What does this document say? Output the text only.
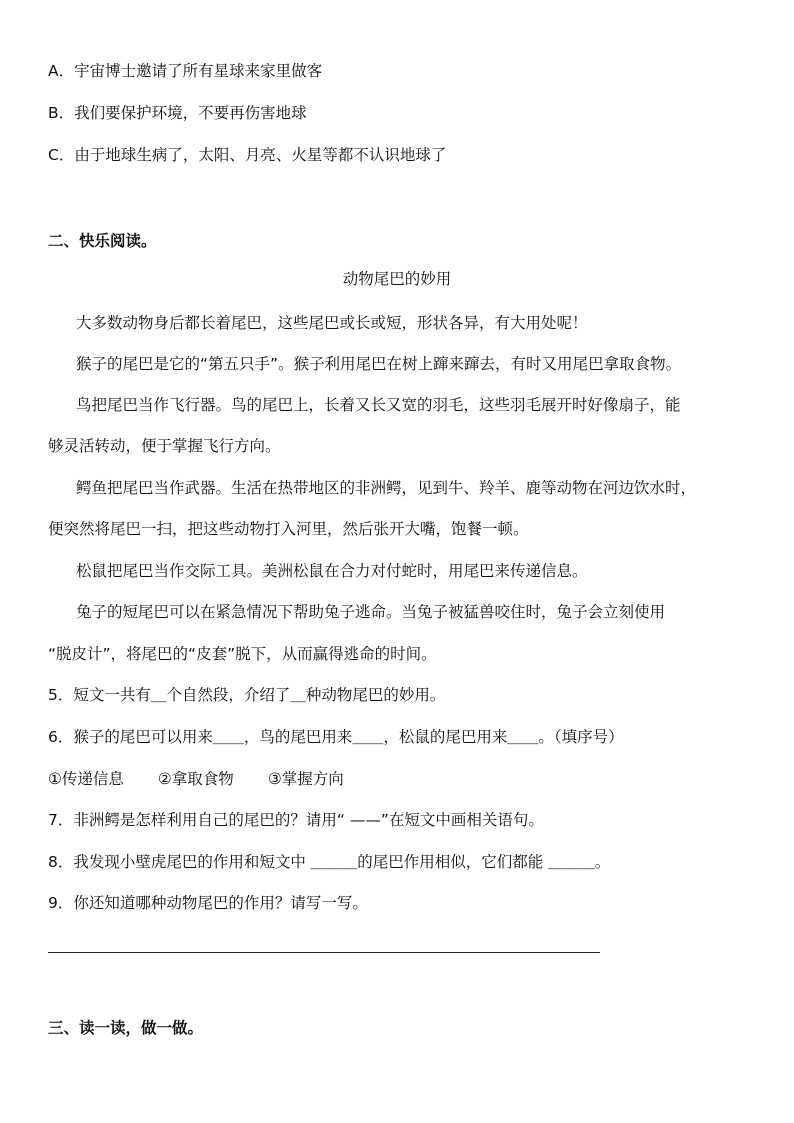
A．宇宙博士邀请了所有星球来家里做客
B．我们要保护环境，不要再伤害地球
C．由于地球生病了，太阳、月亮、火星等都不认识地球了
二、快乐阅读。
动物尾巴的妙用
大多数动物身后都长着尾巴，这些尾巴或长或短，形状各异，有大用处呢！
猴子的尾巴是它的“第五只手”。猴子利用尾巴在树上蹿来蹿去，有时又用尾巴拿取食物。
鸟把尾巴当作飞行器。鸟的尾巴上，长着又长又宽的羽毛，这些羽毛展开时好像扇子，能
够灵活转动，便于掌握飞行方向。
鳄鱼把尾巴当作武器。生活在热带地区的非洲鳄，见到牛、羚羊、鹿等动物在河边饮水时，
便突然将尾巴一扫，把这些动物打入河里，然后张开大嘴，饱餐一顿。
松鼠把尾巴当作交际工具。美洲松鼠在合力对付蛇时，用尾巴来传递信息。
兔子的短尾巴可以在紧急情况下帮助兔子逃命。当兔子被猛兽咬住时，兔子会立刻使用
“脱皮计”，将尾巴的“皮套”脱下，从而赢得逃命的时间。
5．短文一共有＿个自然段，介绍了＿种动物尾巴的妙用。
6．猴子的尾巴可以用来＿＿，鸟的尾巴用来＿＿，松鼠的尾巴用来＿＿。（填序号）
①传递信息 ②拿取食物 ③掌握方向
7．非洲鳄是怎样利用自己的尾巴的？请用“ ——”在短文中画相关语句。
8．我发现小壁虎尾巴的作用和短文中 ＿＿＿的尾巴作用相似，它们都能 ＿＿＿。
9．你还知道哪种动物尾巴的作用？请写一写。
三、读一读，做一做。
